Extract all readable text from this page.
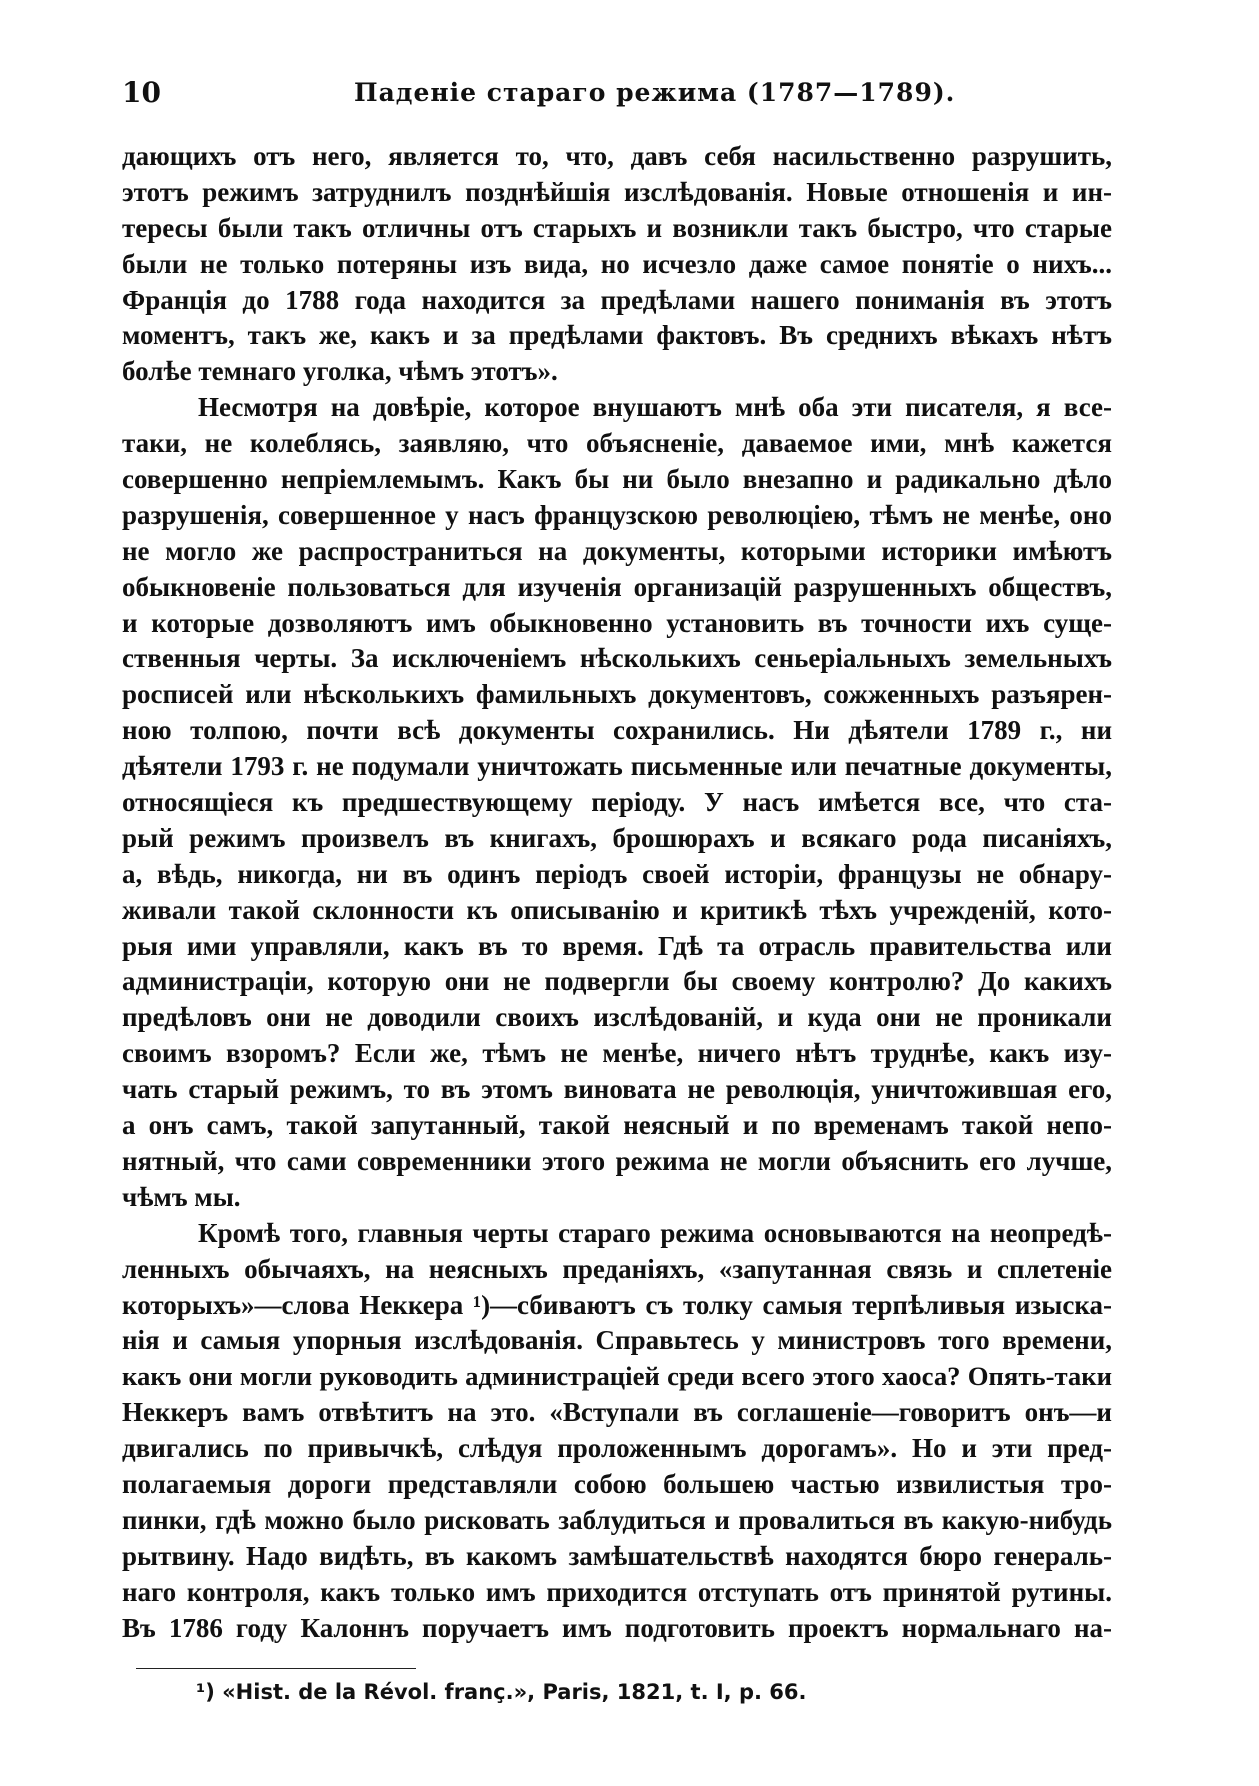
10	Паденіе стараго режима (1787—1789).
дающихъ отъ него, является то, что, давъ себя насильственно разрушить,
этотъ режимъ затруднилъ позднѣйшія изслѣдованія. Новые отношенія и ин-
тересы были такъ отличны отъ старыхъ и возникли такъ быстро, что старые
были не только потеряны изъ вида, но исчезло даже самое понятіе о нихъ...
Франція до 1788 года находится за предѣлами нашего пониманія въ этотъ
моментъ, такъ же, какъ и за предѣлами фактовъ. Въ среднихъ вѣкахъ нѣтъ
болѣе темнаго уголка, чѣмъ этотъ».
Несмотря на довѣріе, которое внушаютъ мнѣ оба эти писателя, я все-
таки, не колеблясь, заявляю, что объясненіе, даваемое ими, мнѣ кажется
совершенно непріемлемымъ. Какъ бы ни было внезапно и радикально дѣло
разрушенія, совершенное у насъ французскою революціею, тѣмъ не менѣе, оно
не могло же распространиться на документы, которыми историки имѣютъ
обыкновеніе пользоваться для изученія организацій разрушенныхъ обществъ,
и которые дозволяютъ имъ обыкновенно установить въ точности ихъ суще-
ственныя черты. За исключеніемъ нѣсколькихъ сеньеріальныхъ земельныхъ
росписей или нѣсколькихъ фамильныхъ документовъ, сожженныхъ разъярен-
ною толпою, почти всѣ документы сохранились. Ни дѣятели 1789 г., ни
дѣятели 1793 г. не подумали уничтожать письменные или печатные документы,
относящіеся къ предшествующему періоду. У насъ имѣется все, что ста-
рый режимъ произвелъ въ книгахъ, брошюрахъ и всякаго рода писаніяхъ,
а, вѣдь, никогда, ни въ одинъ періодъ своей исторіи, французы не обнару-
живали такой склонности къ описыванію и критикѣ тѣхъ учрежденій, кото-
рыя ими управляли, какъ въ то время. Гдѣ та отрасль правительства или
администраціи, которую они не подвергли бы своему контролю? До какихъ
предѣловъ они не доводили своихъ изслѣдованій, и куда они не проникали
своимъ взоромъ? Если же, тѣмъ не менѣе, ничего нѣтъ труднѣе, какъ изу-
чать старый режимъ, то въ этомъ виновата не революція, уничтожившая его,
а онъ самъ, такой запутанный, такой неясный и по временамъ такой непо-
нятный, что сами современники этого режима не могли объяснить его лучше,
чѣмъ мы.
Кромѣ того, главныя черты стараго режима основываются на неопредѣ-
ленныхъ обычаяхъ, на неясныхъ преданіяхъ, «запутанная связь и сплетеніе
которыхъ»—слова Неккера ¹)—сбиваютъ съ толку самыя терпѣливыя изыска-
нія и самыя упорныя изслѣдованія. Справьтесь у министровъ того времени,
какъ они могли руководить администраціей среди всего этого хаоса? Опять-таки
Неккеръ вамъ отвѣтитъ на это. «Вступали въ соглашеніе—говоритъ онъ—и
двигались по привычкѣ, слѣдуя проложеннымъ дорогамъ». Но и эти пред-
полагаемыя дороги представляли собою большею частью извилистыя тро-
пинки, гдѣ можно было рисковать заблудиться и провалиться въ какую-нибудь
рытвину. Надо видѣть, въ какомъ замѣшательствѣ находятся бюро генераль-
наго контроля, какъ только имъ приходится отступать отъ принятой рутины.
Въ 1786 году Калоннъ поручаетъ имъ подготовить проектъ нормальнаго на-
¹) «Hist. de la Révol. franç.», Paris, 1821, t. I, p. 66.
